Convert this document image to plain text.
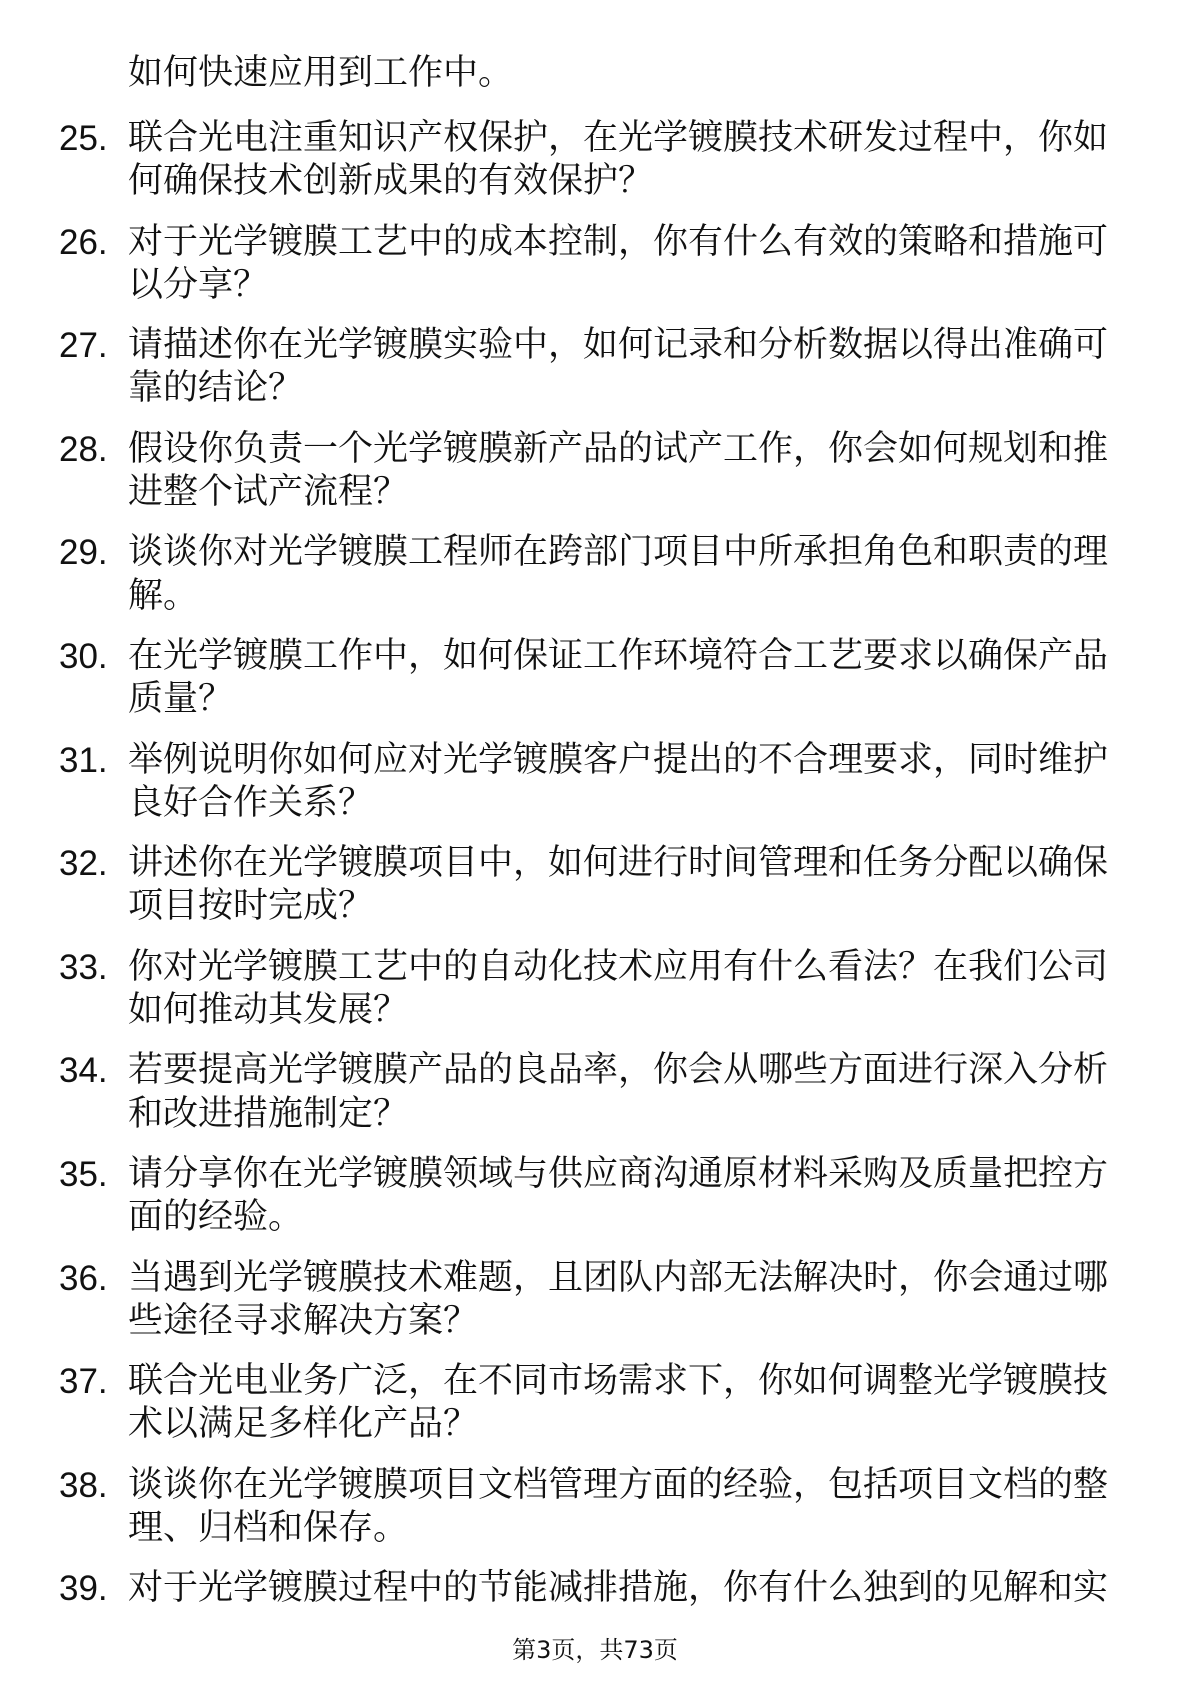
如何快速应用到工作中。
25. 联合光电注重知识产权保护，在光学镀膜技术研发过程中，你如
何确保技术创新成果的有效保护？
26. 对于光学镀膜工艺中的成本控制，你有什么有效的策略和措施可
以分享？
27. 请描述你在光学镀膜实验中，如何记录和分析数据以得出准确可
靠的结论？
28. 假设你负责一个光学镀膜新产品的试产工作，你会如何规划和推
进整个试产流程？
29. 谈谈你对光学镀膜工程师在跨部门项目中所承担角色和职责的理
解。
30. 在光学镀膜工作中，如何保证工作环境符合工艺要求以确保产品
质量？
31. 举例说明你如何应对光学镀膜客户提出的不合理要求，同时维护
良好合作关系？
32. 讲述你在光学镀膜项目中，如何进行时间管理和任务分配以确保
项目按时完成？
33. 你对光学镀膜工艺中的自动化技术应用有什么看法？在我们公司
如何推动其发展？
34. 若要提高光学镀膜产品的良品率，你会从哪些方面进行深入分析
和改进措施制定？
35. 请分享你在光学镀膜领域与供应商沟通原材料采购及质量把控方
面的经验。
36. 当遇到光学镀膜技术难题，且团队内部无法解决时，你会通过哪
些途径寻求解决方案？
37. 联合光电业务广泛，在不同市场需求下，你如何调整光学镀膜技
术以满足多样化产品？
38. 谈谈你在光学镀膜项目文档管理方面的经验，包括项目文档的整
理、归档和保存。
39. 对于光学镀膜过程中的节能减排措施，你有什么独到的见解和实
第3页，共73页
